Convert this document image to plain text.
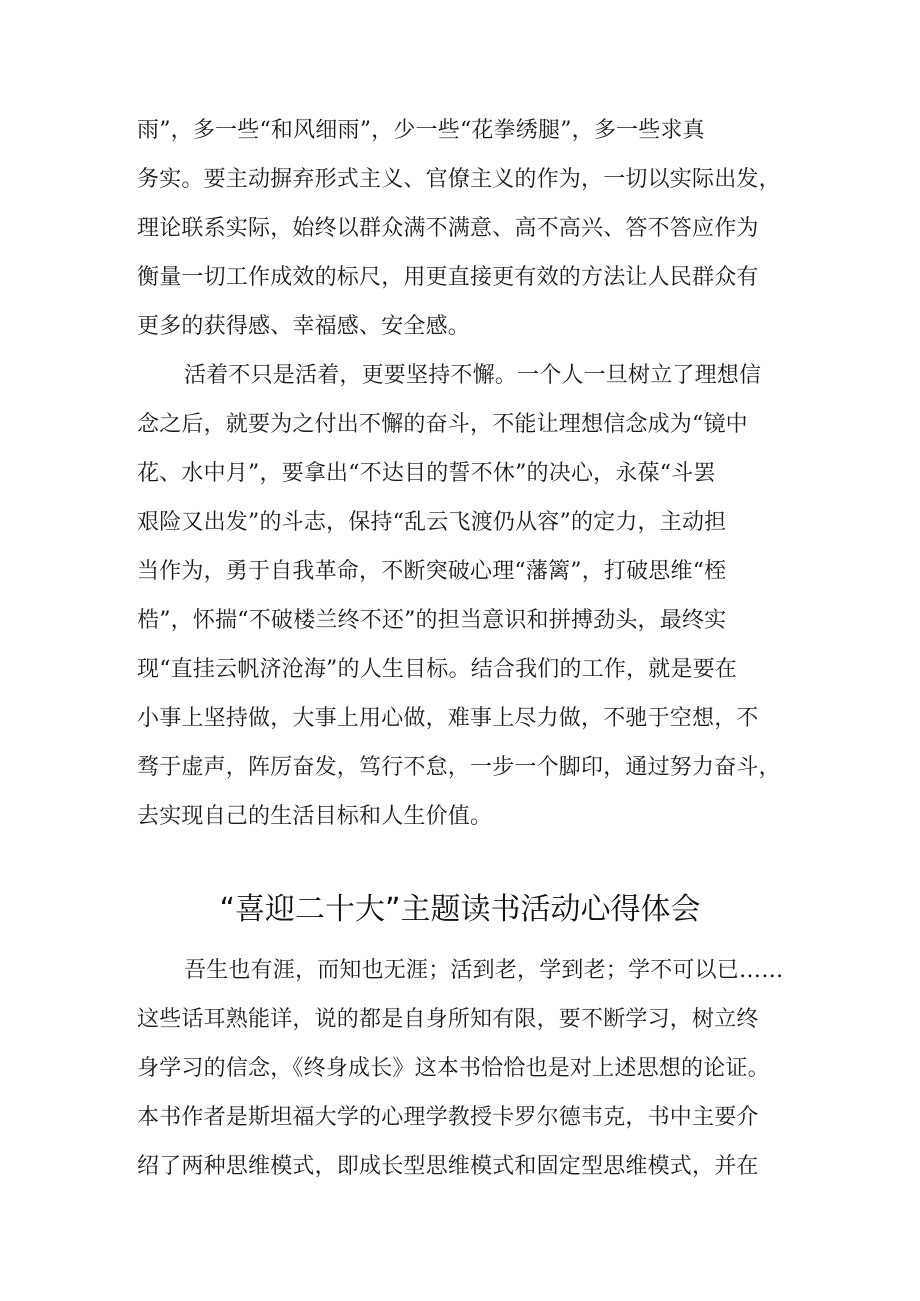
雨”，多一些“和风细雨”，少一些“花拳绣腿”，多一些求真
务实。要主动摒弃形式主义、官僚主义的作为，一切以实际出发，
理论联系实际，始终以群众满不满意、高不高兴、答不答应作为
衡量一切工作成效的标尺，用更直接更有效的方法让人民群众有
更多的获得感、幸福感、安全感。
活着不只是活着，更要坚持不懈。一个人一旦树立了理想信
念之后，就要为之付出不懈的奋斗，不能让理想信念成为“镜中
花、水中月”，要拿出“不达目的誓不休”的决心，永葆“斗罢
艰险又出发”的斗志，保持“乱云飞渡仍从容”的定力，主动担
当作为，勇于自我革命，不断突破心理“藩篱”，打破思维“桎
梏”，怀揣“不破楼兰终不还”的担当意识和拼搏劲头，最终实
现“直挂云帆济沧海”的人生目标。结合我们的工作，就是要在
小事上坚持做，大事上用心做，难事上尽力做，不驰于空想，不
骛于虚声，阵厉奋发，笃行不怠，一步一个脚印，通过努力奋斗，
去实现自己的生活目标和人生价值。
“喜迎二十大”主题读书活动心得体会
吾生也有涯，而知也无涯；活到老，学到老；学不可以已……
这些话耳熟能详，说的都是自身所知有限，要不断学习，树立终
身学习的信念，《终身成长》这本书恰恰也是对上述思想的论证。
本书作者是斯坦福大学的心理学教授卡罗尔德韦克，书中主要介
绍了两种思维模式，即成长型思维模式和固定型思维模式，并在
